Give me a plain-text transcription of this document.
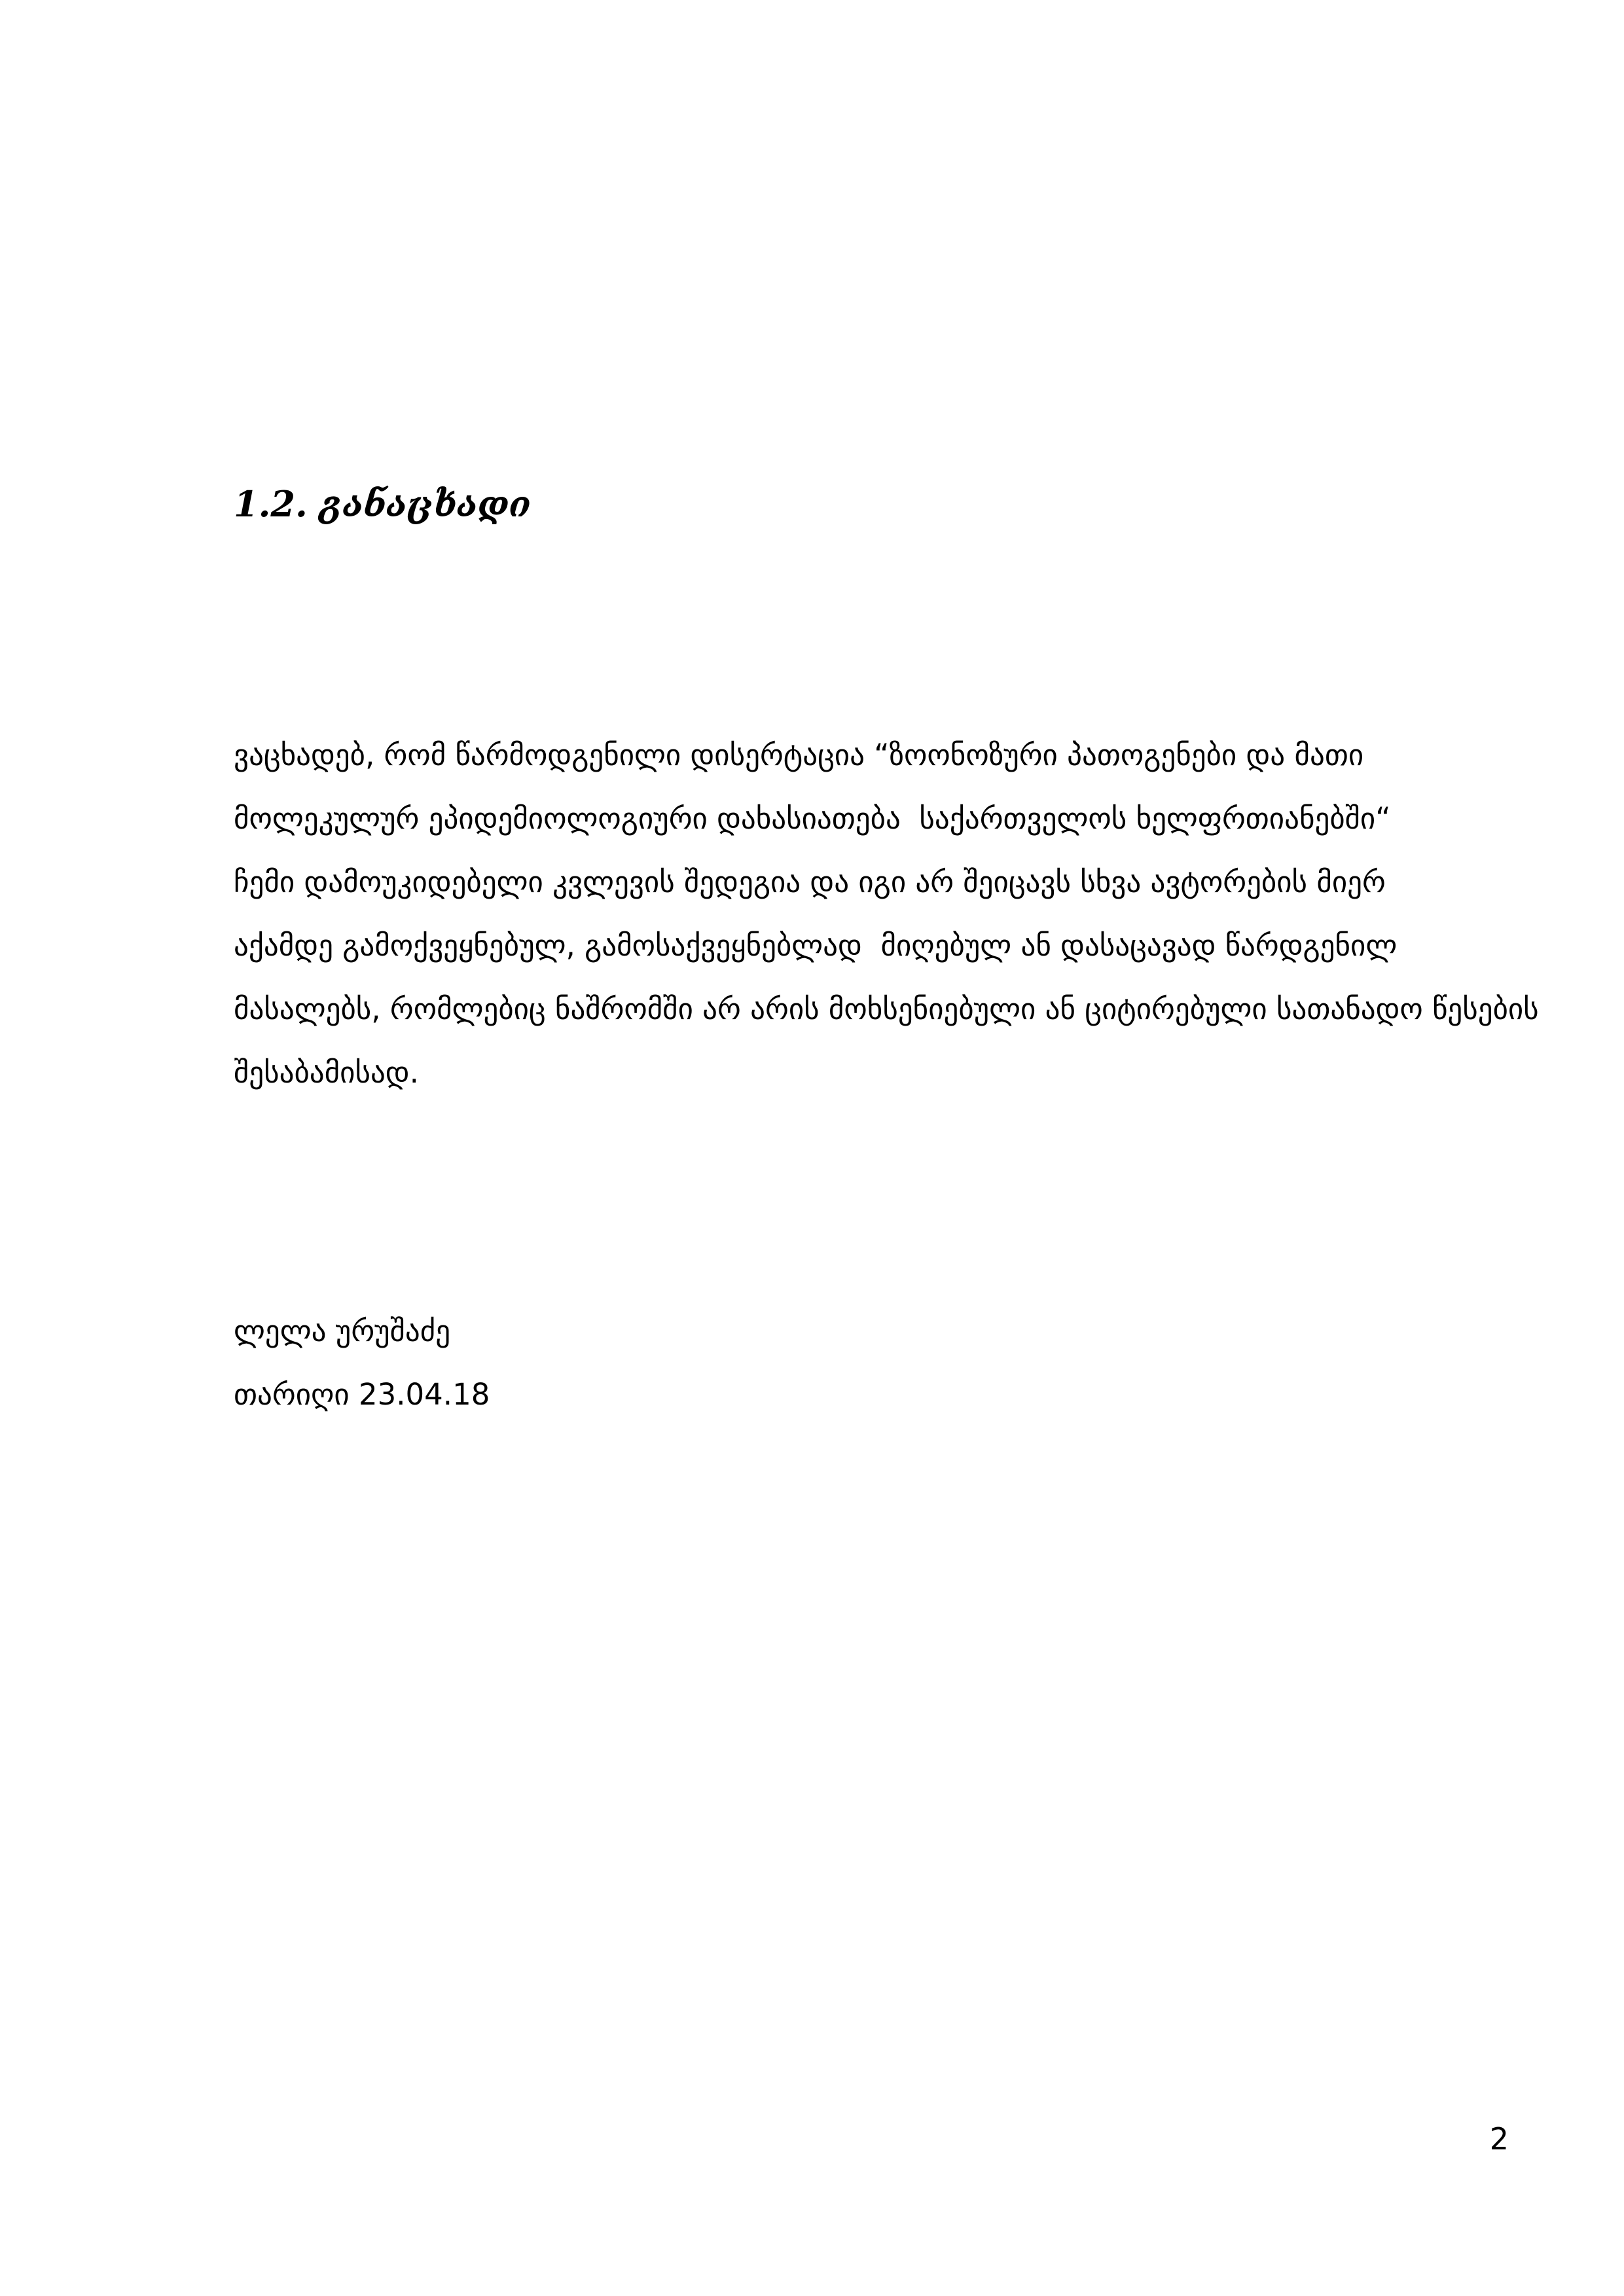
1.2. განაცხადი
ვაცხადებ, რომ წარმოდგენილი დისერტაცია “ზოონოზური პათოგენები და მათი
მოლეკულურ ეპიდემიოლოგიური დახასიათება  საქართველოს ხელფრთიანებში“
ჩემი დამოუკიდებელი კვლევის შედეგია და იგი არ შეიცავს სხვა ავტორების მიერ
აქამდე გამოქვეყნებულ, გამოსაქვეყნებლად  მიღებულ ან დასაცავად წარდგენილ
მასალებს, რომლებიც ნაშრომში არ არის მოხსენიებული ან ციტირებული სათანადო წესების
შესაბამისად.
ლელა ურუშაძე
თარიღი 23.04.18
2
